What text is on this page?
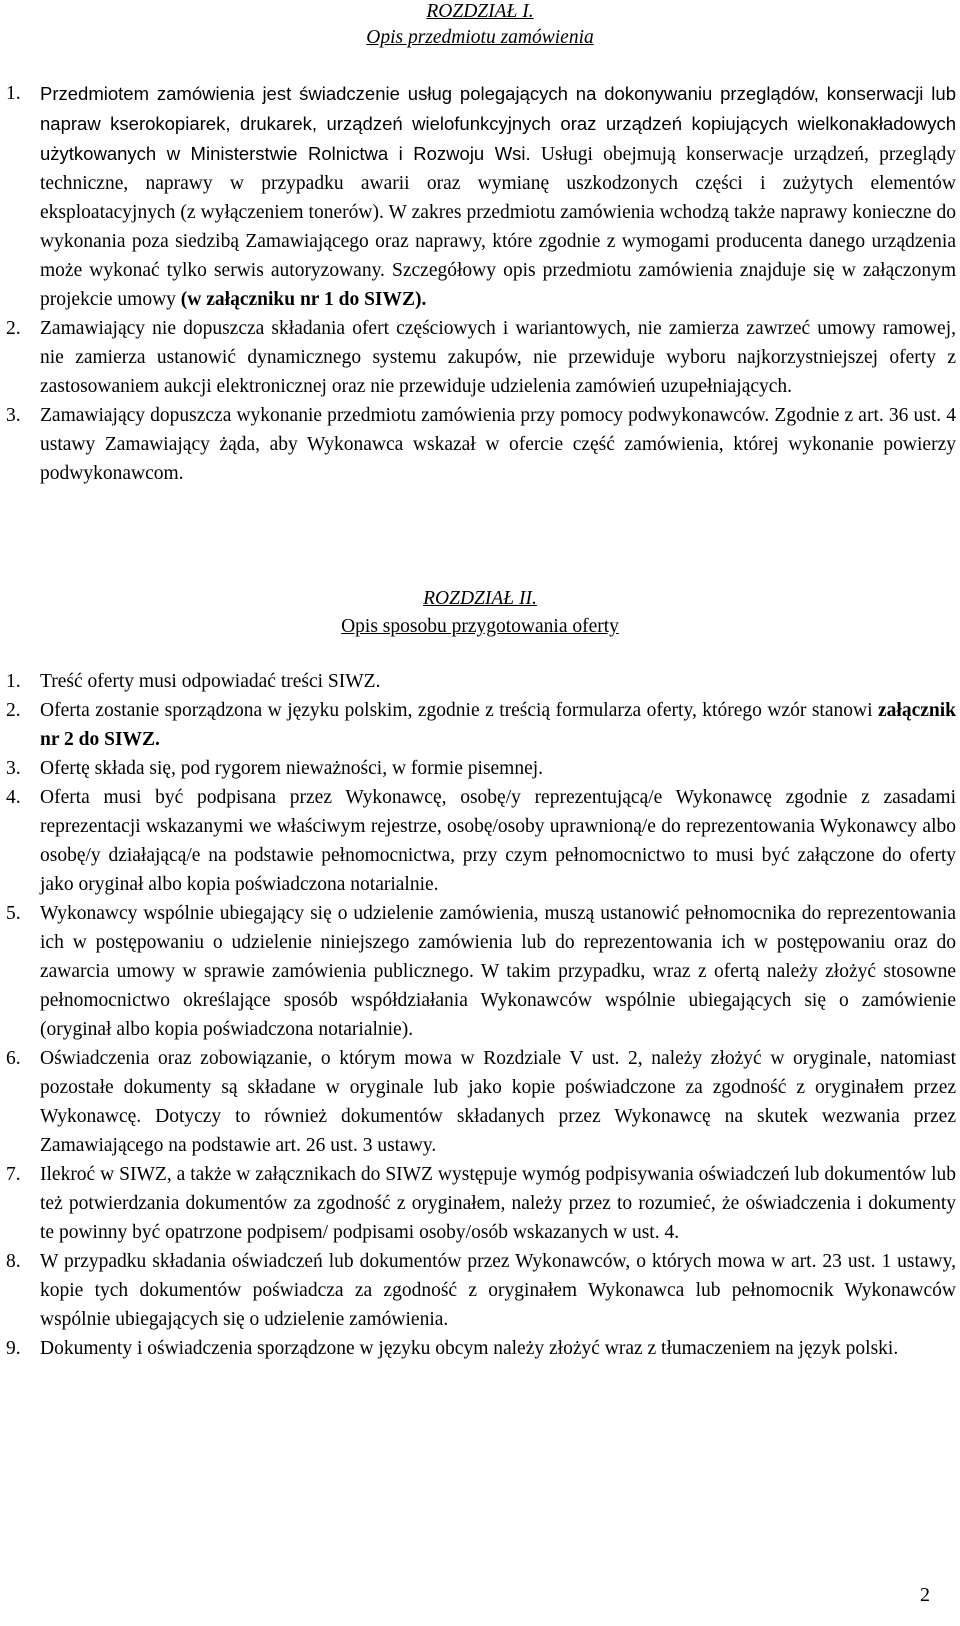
ROZDZIAŁ I.
Opis przedmiotu zamówienia
1.	Przedmiotem zamówienia jest świadczenie usług polegających na dokonywaniu przeglądów, konserwacji lub napraw kserokopiarek, drukarek, urządzeń wielofunkcyjnych oraz urządzeń kopiujących wielkonakładowych użytkowanych w Ministerstwie Rolnictwa i Rozwoju Wsi. Usługi obejmują konserwacje urządzeń, przeglądy techniczne, naprawy w przypadku awarii oraz wymianę uszkodzonych części i zużytych elementów eksploatacyjnych (z wyłączeniem tonerów). W zakres przedmiotu zamówienia wchodzą także naprawy konieczne do wykonania poza siedzibą Zamawiającego oraz naprawy, które zgodnie z wymogami producenta danego urządzenia może wykonać tylko serwis autoryzowany. Szczegółowy opis przedmiotu zamówienia znajduje się w załączonym projekcie umowy (w załączniku nr 1 do SIWZ).
2. Zamawiający nie dopuszcza składania ofert częściowych i wariantowych, nie zamierza zawrzeć umowy ramowej, nie zamierza ustanowić dynamicznego systemu zakupów, nie przewiduje wyboru najkorzystniejszej oferty z zastosowaniem aukcji elektronicznej oraz nie przewiduje udzielenia zamówień uzupełniających.
3. Zamawiający dopuszcza wykonanie przedmiotu zamówienia przy pomocy podwykonawców. Zgodnie z art. 36 ust. 4 ustawy Zamawiający żąda, aby Wykonawca wskazał w ofercie część zamówienia, której wykonanie powierzy podwykonawcom.
ROZDZIAŁ II.
Opis sposobu przygotowania oferty
1. Treść oferty musi odpowiadać treści SIWZ.
2. Oferta zostanie sporządzona w języku polskim, zgodnie z treścią formularza oferty, którego wzór stanowi załącznik nr 2 do SIWZ.
3. Ofertę składa się, pod rygorem nieważności, w formie pisemnej.
4. Oferta musi być podpisana przez Wykonawcę, osobę/y reprezentującą/e Wykonawcę zgodnie z zasadami reprezentacji wskazanymi we właściwym rejestrze, osobę/osoby uprawnioną/e do reprezentowania Wykonawcy albo osobę/y działającą/e na podstawie pełnomocnictwa, przy czym pełnomocnictwo to musi być załączone do oferty jako oryginał albo kopia poświadczona notarialnie.
5. Wykonawcy wspólnie ubiegający się o udzielenie zamówienia, muszą ustanowić pełnomocnika do reprezentowania ich w postępowaniu o udzielenie niniejszego zamówienia lub do reprezentowania ich w postępowaniu oraz do zawarcia umowy w sprawie zamówienia publicznego. W takim przypadku, wraz z ofertą należy złożyć stosowne pełnomocnictwo określające sposób współdziałania Wykonawców wspólnie ubiegających się o zamówienie (oryginał albo kopia poświadczona notarialnie).
6. Oświadczenia oraz zobowiązanie, o którym mowa w Rozdziale V ust. 2, należy złożyć w oryginale, natomiast pozostałe dokumenty są składane w oryginale lub jako kopie poświadczone za zgodność z oryginałem przez Wykonawcę. Dotyczy to również dokumentów składanych przez Wykonawcę na skutek wezwania przez Zamawiającego na podstawie art. 26 ust. 3 ustawy.
7. Ilekroć w SIWZ, a także w załącznikach do SIWZ występuje wymóg podpisywania oświadczeń lub dokumentów lub też potwierdzania dokumentów za zgodność z oryginałem, należy przez to rozumieć, że oświadczenia i dokumenty te powinny być opatrzone podpisem/ podpisami osoby/osób wskazanych w ust. 4.
8. W przypadku składania oświadczeń lub dokumentów przez Wykonawców, o których mowa w art. 23 ust. 1 ustawy, kopie tych dokumentów poświadcza za zgodność z oryginałem Wykonawca lub pełnomocnik Wykonawców wspólnie ubiegających się o udzielenie zamówienia.
9. Dokumenty i oświadczenia sporządzone w języku obcym należy złożyć wraz z tłumaczeniem na język polski.
2
